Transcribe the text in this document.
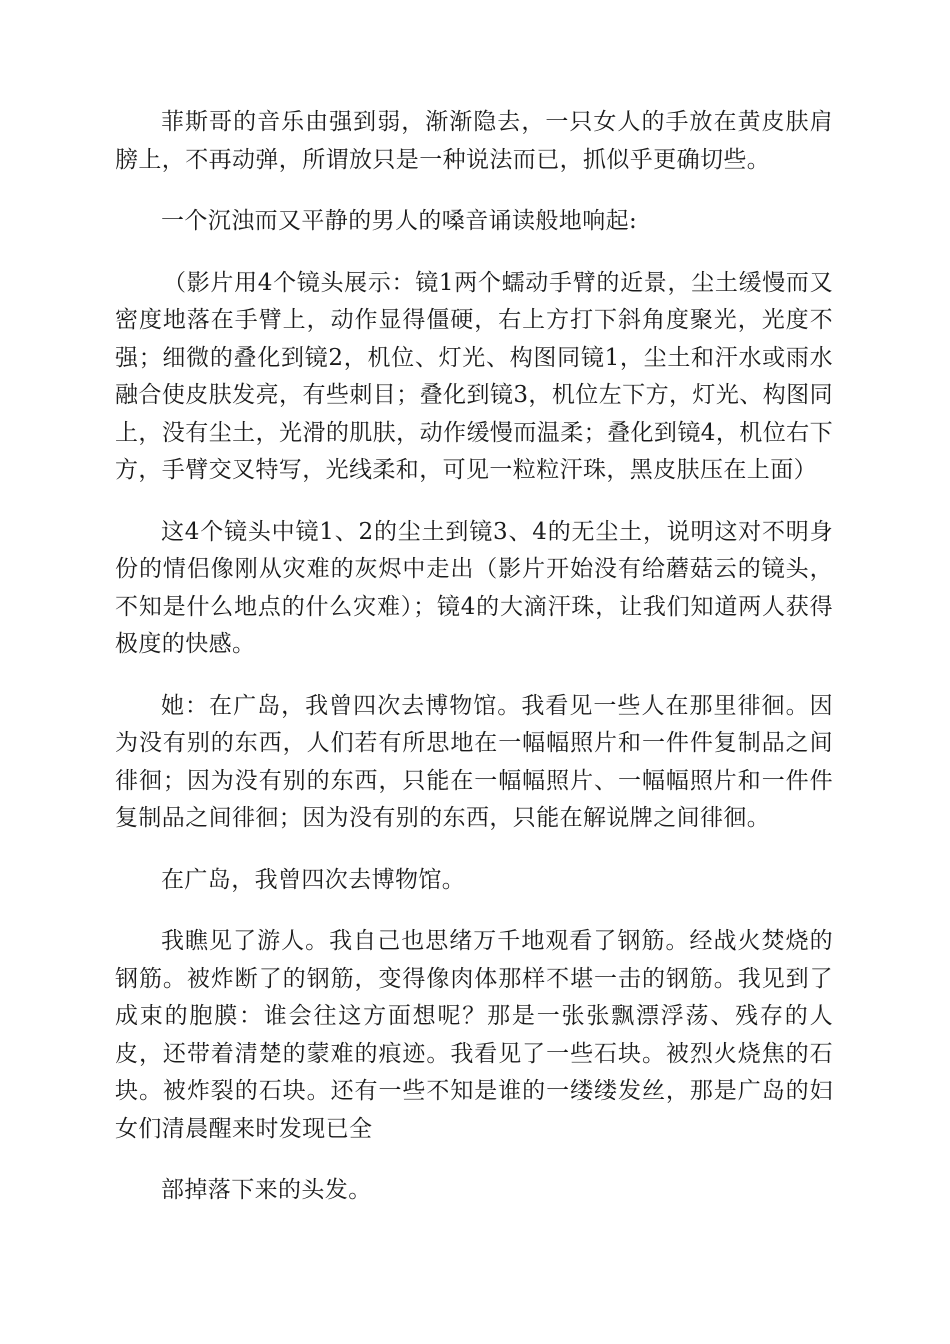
菲斯哥的音乐由强到弱，渐渐隐去，一只女人的手放在黄皮肤肩膀上，不再动弹，所谓放只是一种说法而已，抓似乎更确切些。

一个沉浊而又平静的男人的嗓音诵读般地响起:

（影片用4个镜头展示：镜1两个蠕动手臂的近景，尘土缓慢而又密度地落在手臂上，动作显得僵硬，右上方打下斜角度聚光，光度不强；细微的叠化到镜2，机位、灯光、构图同镜1，尘土和汗水或雨水融合使皮肤发亮，有些刺目；叠化到镜3，机位左下方，灯光、构图同上，没有尘土，光滑的肌肤，动作缓慢而温柔；叠化到镜4，机位右下方，手臂交叉特写，光线柔和，可见一粒粒汗珠，黑皮肤压在上面）

这4个镜头中镜1、2的尘土到镜3、4的无尘土，说明这对不明身份的情侣像刚从灾难的灰烬中走出（影片开始没有给蘑菇云的镜头，不知是什么地点的什么灾难）；镜4的大滴汗珠，让我们知道两人获得极度的快感。

她：在广岛，我曾四次去博物馆。我看见一些人在那里徘徊。因为没有别的东西，人们若有所思地在一幅幅照片和一件件复制品之间徘徊；因为没有别的东西，只能在一幅幅照片、一幅幅照片和一件件复制品之间徘徊；因为没有别的东西，只能在解说牌之间徘徊。

在广岛，我曾四次去博物馆。

我瞧见了游人。我自己也思绪万千地观看了钢筋。经战火焚烧的钢筋。被炸断了的钢筋，变得像肉体那样不堪一击的钢筋。我见到了成束的胞膜：谁会往这方面想呢？那是一张张飘漂浮荡、残存的人皮，还带着清楚的蒙难的痕迹。我看见了一些石块。被烈火烧焦的石块。被炸裂的石块。还有一些不知是谁的一缕缕发丝，那是广岛的妇女们清晨醒来时发现已全

部掉落下来的头发。
